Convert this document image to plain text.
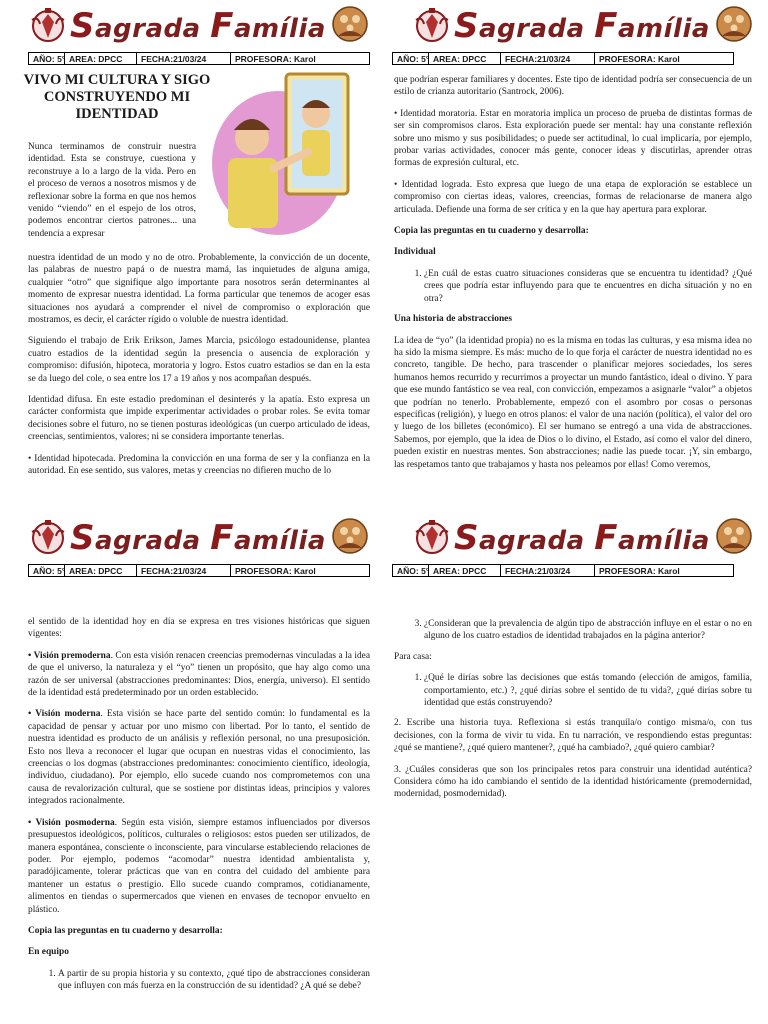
Sagrada Família
AÑO: 5° AREA: DPCC	FECHA:21/03/24	PROFESORA: Karol
VIVO MI CULTURA Y SIGO CONSTRUYENDO MI IDENTIDAD

Nunca terminamos de construir nuestra identidad. Esta se construye, cuestiona y reconstruye a lo a largo de la vida. Pero en el proceso de vernos a nosotros mismos y de reflexionar sobre la forma en que nos hemos venido “viendo” en el espejo de los otros, podemos encontrar ciertos patrones... una tendencia a expresar

nuestra identidad de un modo y no de otro. Probablemente, la convicción de un docente, las palabras de nuestro papá o de nuestra mamá, las inquietudes de alguna amiga, cualquier “otro” que signifique algo importante para nosotros serán determinantes al momento de expresar nuestra identidad. La forma particular que tenemos de acoger esas situaciones nos ayudará a comprender el nivel de compromiso o exploración que mostramos, es decir, el carácter rígido o voluble de nuestra identidad.

Siguiendo el trabajo de Erik Erikson, James Marcia, psicólogo estadounidense, plantea cuatro estadios de la identidad según la presencia o ausencia de exploración y compromiso: difusión, hipoteca, moratoria y logro. Estos cuatro estadios se dan en la esta se da luego del cole, o sea entre los 17 a 19 años y nos acompañan después.

Identidad difusa. En este estadio predominan el desinterés y la apatía. Esto expresa un carácter conformista que impide experimentar actividades o probar roles. Se evita tomar decisiones sobre el futuro, no se tienen posturas ideológicas (un cuerpo articulado de ideas, creencias, sentimientos, valores; ni se considera importante tenerlas.

• Identidad hipotecada. Predomina la convicción en una forma de ser y la confianza en la autoridad. En ese sentido, sus valores, metas y creencias no difieren mucho de lo

Sagrada Família
AÑO: 5° AREA: DPCC	FECHA:21/03/24	PROFESORA: Karol

que podrían esperar familiares y docentes. Este tipo de identidad podría ser consecuencia de un estilo de crianza autoritario (Santrock, 2006).

• Identidad moratoria. Estar en moratoria implica un proceso de prueba de distintas formas de ser sin compromisos claros. Esta exploración puede ser mental: hay una constante reflexión sobre uno mismo y sus posibilidades; o puede ser actitudinal, lo cual implicaría, por ejemplo, probar varias actividades, conocer más gente, conocer ideas y discutirlas, aprender otras formas de expresión cultural, etc.

• Identidad lograda. Esto expresa que luego de una etapa de exploración se establece un compromiso con ciertas ideas, valores, creencias, formas de relacionarse de manera algo articulada. Defiende una forma de ser crítica y en la que hay apertura para explorar.

Copia las preguntas en tu cuaderno y desarrolla:

Individual

1. ¿En cuál de estas cuatro situaciones consideras que se encuentra tu identidad? ¿Qué crees que podría estar influyendo para que te encuentres en dicha situación y no en otra?

Una historia de abstracciones

La idea de “yo” (la identidad propia) no es la misma en todas las culturas, y esa misma idea no ha sido la misma siempre. Es más: mucho de lo que forja el carácter de nuestra identidad no es concreto, tangible. De hecho, para trascender o planificar mejores sociedades, los seres humanos hemos recurrido y recurrimos a proyectar un mundo fantástico, ideal o divino. Y para que ese mundo fantástico se vea real, con convicción, empezamos a asignarle “valor” a objetos que podrían no tenerlo. Probablemente, empezó con el asombro por cosas o personas específicas (religión), y luego en otros planos: el valor de una nación (política), el valor del oro y luego de los billetes (económico). El ser humano se entregó a una vida de abstracciones. Sabemos, por ejemplo, que la idea de Dios o lo divino, el Estado, así como el valor del dinero, pueden existir en nuestras mentes. Son abstracciones; nadie las puede tocar. ¡Y, sin embargo, las respetamos tanto que trabajamos y hasta nos peleamos por ellas! Como veremos,

Sagrada Família
AÑO: 5° AREA: DPCC	FECHA:21/03/24	PROFESORA: Karol

el sentido de la identidad hoy en día se expresa en tres visiones históricas que siguen vigentes:

• Visión premoderna. Con esta visión renacen creencias premodernas vinculadas a la idea de que el universo, la naturaleza y el “yo” tienen un propósito, que hay algo como una razón de ser universal (abstracciones predominantes: Dios, energía, universo). El sentido de la identidad está predeterminado por un orden establecido.

• Visión moderna. Esta visión se hace parte del sentido común: lo fundamental es la capacidad de pensar y actuar por uno mismo con libertad. Por lo tanto, el sentido de nuestra identidad es producto de un análisis y reflexión personal, no una presuposición. Esto nos lleva a reconocer el lugar que ocupan en nuestras vidas el conocimiento, las creencias o los dogmas (abstracciones predominantes: conocimiento científico, ideología, individuo, ciudadano). Por ejemplo, ello sucede cuando nos comprometemos con una causa de revalorización cultural, que se sostiene por distintas ideas, principios y valores integrados racionalmente.

• Visión posmoderna. Según esta visión, siempre estamos influenciados por diversos presupuestos ideológicos, políticos, culturales o religiosos: estos pueden ser utilizados, de manera espontánea, consciente o inconsciente, para vincularse estableciendo relaciones de poder. Por ejemplo, podemos “acomodar” nuestra identidad ambientalista y, paradójicamente, tolerar prácticas que van en contra del cuidado del ambiente para mantener un estatus o prestigio. Ello sucede cuando compramos, cotidianamente, alimentos en tiendas o supermercados que vienen en envases de tecnopor envuelto en plástico.

Copia las preguntas en tu cuaderno y desarrolla:

En equipo

1. A partir de su propia historia y su contexto, ¿qué tipo de abstracciones consideran que influyen con más fuerza en la construcción de su identidad? ¿A qué se debe?
Sagrada Família
AÑO: 5° AREA: DPCC	FECHA:21/03/24	PROFESORA: Karol
3. ¿Consideran que la prevalencia de algún tipo de abstracción influye en el estar o no en alguno de los cuatro estadios de identidad trabajados en la página anterior?

Para casa:

1. ¿Qué le dirías sobre las decisiones que estás tomando (elección de amigos, familia, comportamiento, etc.) ?, ¿qué dirías sobre el sentido de tu vida?, ¿qué dirías sobre tu identidad que estás construyendo?

2. Escribe una historia tuya. Reflexiona si estás tranquila/o contigo misma/o, con tus decisiones, con la forma de vivir tu vida. En tu narración, ve respondiendo estas preguntas: ¿qué se mantiene?, ¿qué quiero mantener?, ¿qué ha cambiado?, ¿qué quiero cambiar?

3. ¿Cuáles consideras que son los principales retos para construir una identidad auténtica? Considera cómo ha ido cambiando el sentido de la identidad históricamente (premodernidad, modernidad, posmodernidad).
